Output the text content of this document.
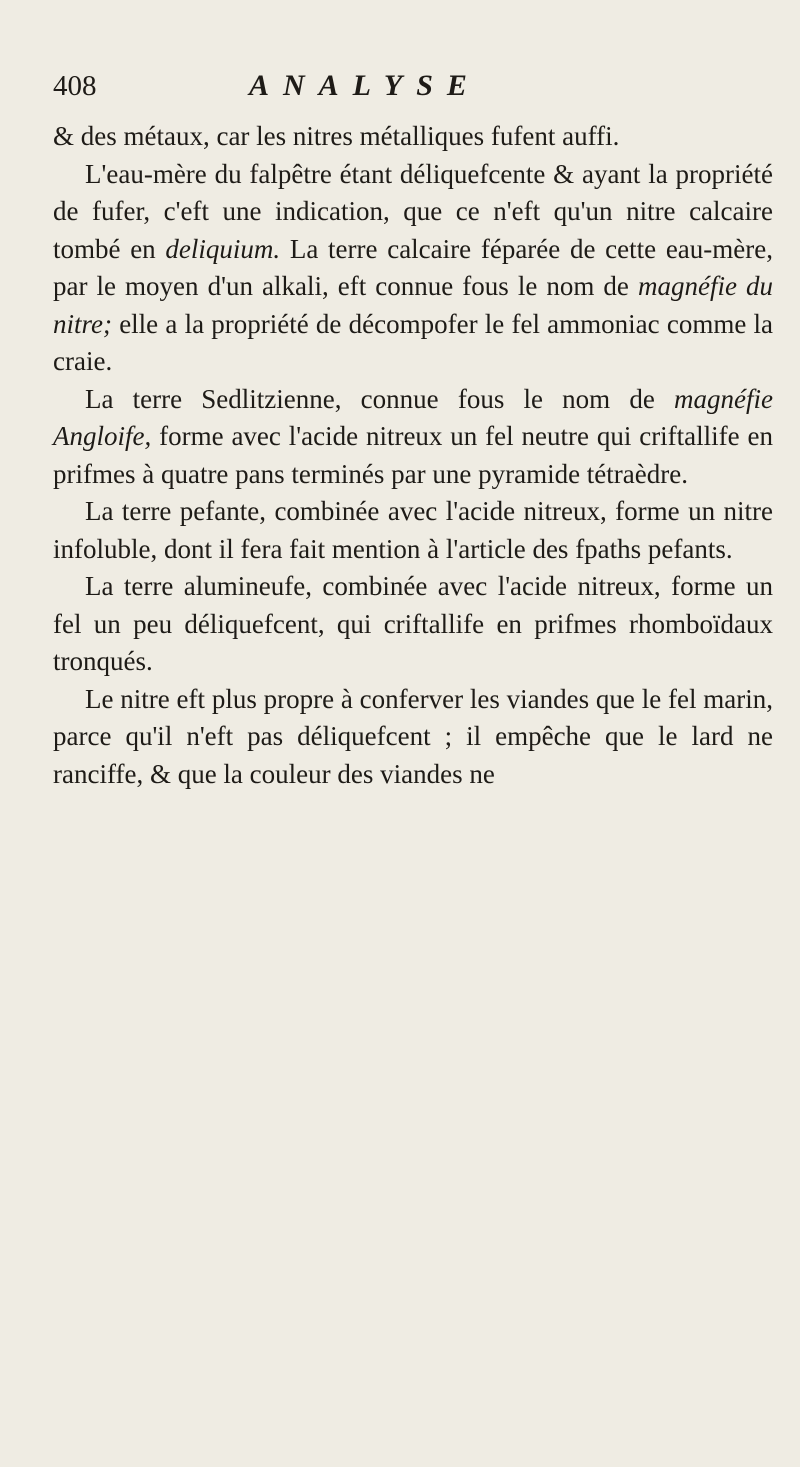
408	ANALYSE

& des métaux, car les nitres métalliques fufent auffi.

L'eau-mère du falpêtre étant déliquefcente & ayant la propriété de fufer, c'eft une indication, que ce n'eft qu'un nitre calcaire tombé en deliquium. La terre calcaire féparée de cette eau-mère, par le moyen d'un alkali, eft connue fous le nom de magnéfie du nitre; elle a la propriété de décompofer le fel ammoniac comme la craie.

La terre Sedlitzienne, connue fous le nom de magnéfie Angloife, forme avec l'acide nitreux un fel neutre qui criftallife en prifmes à quatre pans terminés par une pyramide tétraèdre.

La terre pefante, combinée avec l'acide nitreux, forme un nitre infoluble, dont il fera fait mention à l'article des fpaths pefants.

La terre alumineufe, combinée avec l'acide nitreux, forme un fel un peu déliquefcent, qui criftallife en prifmes rhomboïdaux tronqués.

Le nitre eft plus propre à conferver les viandes que le fel marin, parce qu'il n'eft pas déliquefcent ; il empêche que le lard ne ranciffe, & que la couleur des viandes ne
